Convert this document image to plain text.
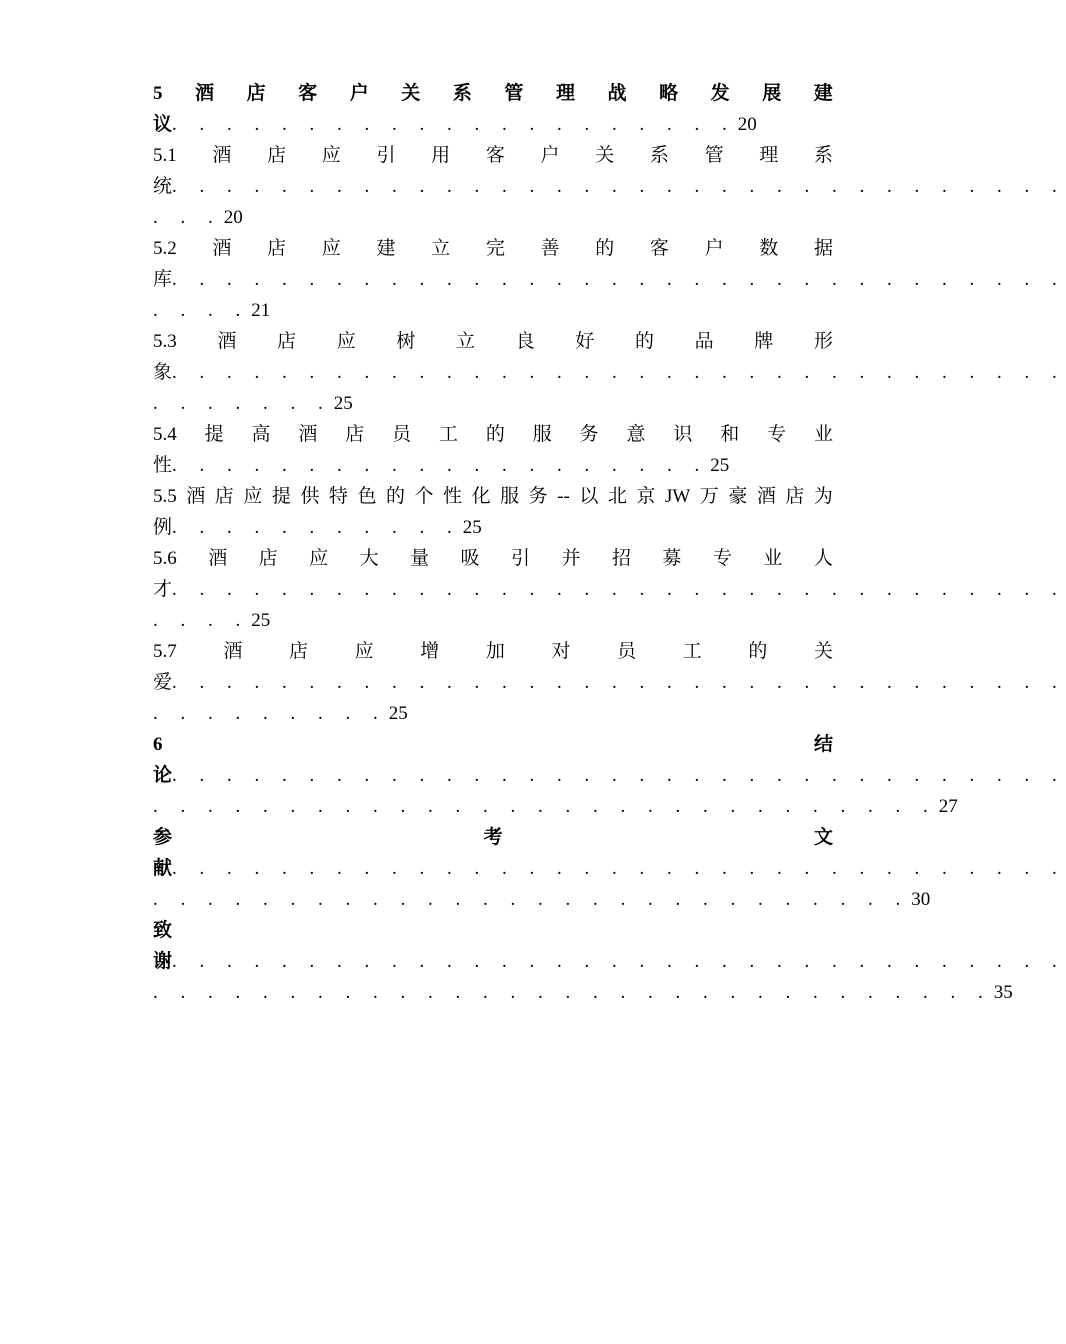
5 酒 店 客 户 关 系 管 理 战 略 发 展 建
议 . . . . . . . . . . . . . . . . . . . . . 20
5.1 酒 店 应 引 用 客 户 关 系 管 理 系
统 . . . . . . . . . . . . . . . . . . . . . . . . . . . . . . . . .
. . . 20
5.2 酒 店 应 建 立 完 善 的 客 户 数 据
库 . . . . . . . . . . . . . . . . . . . . . . . . . . . . . . . . .
. . . . 21
5.3 酒 店 应 树 立 良 好 的 品 牌 形
象 . . . . . . . . . . . . . . . . . . . . . . . . . . . . . . . . .
. . . . . . . 25
5.4 提 高 酒 店 员 工 的 服 务 意 识 和 专 业
性 . . . . . . . . . . . . . . . . . . . . 25
5.5 酒 店 应 提 供 特 色 的 个 性 化 服 务 -- 以 北 京 JW 万 豪 酒 店 为
例 . . . . . . . . . . . 25
5.6 酒 店 应 大 量 吸 引 并 招 募 专 业 人
才 . . . . . . . . . . . . . . . . . . . . . . . . . . . . . . . . .
. . . . 25
5.7 酒 店 应 增 加 对 员 工 的 关
爱 . . . . . . . . . . . . . . . . . . . . . . . . . . . . . . . . .
. . . . . . . . . 25
6	结
论 . . . . . . . . . . . . . . . . . . . . . . . . . . . . . . . . .
. . . . . . . . . . . . . . . . . . . . . . . . . . . . . 27
参	考	文
献 . . . . . . . . . . . . . . . . . . . . . . . . . . . . . . . . .
. . . . . . . . . . . . . . . . . . . . . . . . . . . . 30
致
谢 . . . . . . . . . . . . . . . . . . . . . . . . . . . . . . . . .
. . . . . . . . . . . . . . . . . . . . . . . . . . . . . . . 35
